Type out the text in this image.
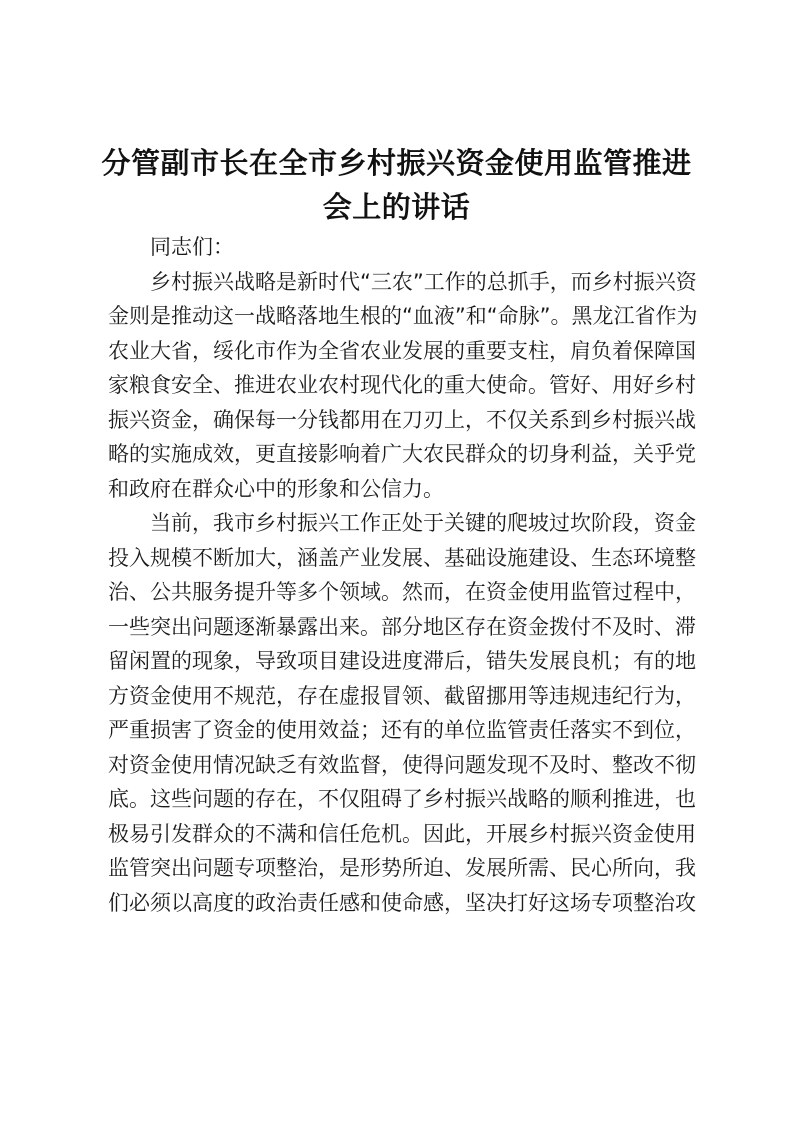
分管副市长在全市乡村振兴资金使用监管推进
会上的讲话
同志们：
乡村振兴战略是新时代“三农”工作的总抓手，而乡村振兴资
金则是推动这一战略落地生根的“血液”和“命脉”。黑龙江省作为
农业大省，绥化市作为全省农业发展的重要支柱，肩负着保障国
家粮食安全、推进农业农村现代化的重大使命。管好、用好乡村
振兴资金，确保每一分钱都用在刀刃上，不仅关系到乡村振兴战
略的实施成效，更直接影响着广大农民群众的切身利益，关乎党
和政府在群众心中的形象和公信力。
当前，我市乡村振兴工作正处于关键的爬坡过坎阶段，资金
投入规模不断加大，涵盖产业发展、基础设施建设、生态环境整
治、公共服务提升等多个领域。然而，在资金使用监管过程中，
一些突出问题逐渐暴露出来。部分地区存在资金拨付不及时、滞
留闲置的现象，导致项目建设进度滞后，错失发展良机；有的地
方资金使用不规范，存在虚报冒领、截留挪用等违规违纪行为，
严重损害了资金的使用效益；还有的单位监管责任落实不到位，
对资金使用情况缺乏有效监督，使得问题发现不及时、整改不彻
底。这些问题的存在，不仅阻碍了乡村振兴战略的顺利推进，也
极易引发群众的不满和信任危机。因此，开展乡村振兴资金使用
监管突出问题专项整治，是形势所迫、发展所需、民心所向，我
们必须以高度的政治责任感和使命感，坚决打好这场专项整治攻
